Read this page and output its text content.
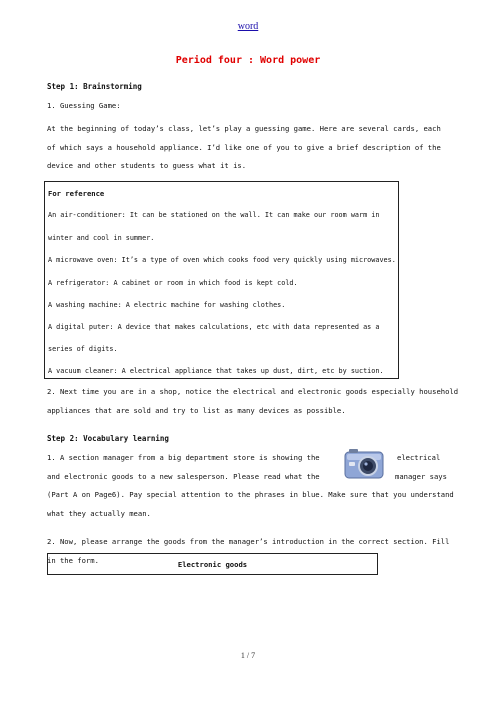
word
Period four : Word power
Step 1: Brainstorming
1. Guessing Game:
At the beginning of today’s class, let’s play a guessing game. Here are several cards, each
of which says a household appliance. I’d like one of you to give a brief description of the
device and other students to guess what it is.
For reference
An air-conditioner: It can be stationed on the wall. It can make our room warm in
winter and cool in summer.
A microwave oven: It’s a type of oven which cooks food very quickly using microwaves.
A refrigerator: A cabinet or room in which food is kept cold.
A washing machine: A electric machine for washing clothes.
A digital puter: A device that makes calculations, etc with data represented as a
series of digits.
A vacuum cleaner: A electrical appliance that takes up dust, dirt, etc by suction.
2. Next time you are in a shop, notice the electrical and electronic goods especially household
appliances that are sold and try to list as many devices as possible.
Step 2: Vocabulary learning
1. A section manager from a big department store is showing the	electrical
and electronic goods to a new salesperson. Please read what the	manager says
(Part A on Page6). Pay special attention to the phrases in blue. Make sure that you understand
what they actually mean.
2. Now, please arrange the goods from the manager’s introduction in the correct section. Fill
in the form.	Electronic goods
1 / 7
